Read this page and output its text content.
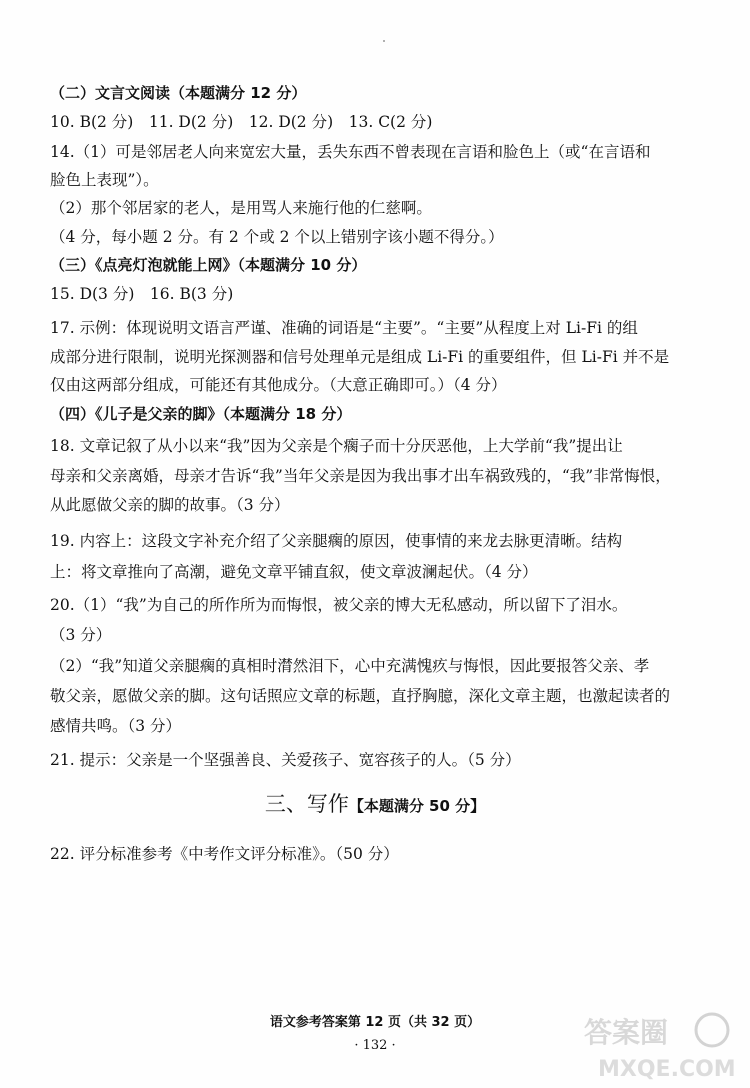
（二）文言文阅读（本题满分 12 分）
10. B(2 分)　11. D(2 分)　12. D(2 分)　13. C(2 分)
14.（1）可是邻居老人向来宽宏大量，丢失东西不曾表现在言语和脸色上（或“在言语和
脸色上表现”）。
（2）那个邻居家的老人，是用骂人来施行他的仁慈啊。
（4 分，每小题 2 分。有 2 个或 2 个以上错别字该小题不得分。）
（三）《点亮灯泡就能上网》（本题满分 10 分）
15. D(3 分)　16. B(3 分)
17. 示例：体现说明文语言严谨、准确的词语是“主要”。“主要”从程度上对 Li-Fi 的组
成部分进行限制，说明光探测器和信号处理单元是组成 Li-Fi 的重要组件，但 Li-Fi 并不是
仅由这两部分组成，可能还有其他成分。（大意正确即可。）（4 分）
（四）《儿子是父亲的脚》（本题满分 18 分）
18. 文章记叙了从小以来“我”因为父亲是个瘸子而十分厌恶他，上大学前“我”提出让
母亲和父亲离婚，母亲才告诉“我”当年父亲是因为我出事才出车祸致残的，“我”非常悔恨，
从此愿做父亲的脚的故事。（3 分）
19. 内容上：这段文字补充介绍了父亲腿瘸的原因，使事情的来龙去脉更清晰。结构
上：将文章推向了高潮，避免文章平铺直叙，使文章波澜起伏。（4 分）
20.（1）“我”为自己的所作所为而悔恨，被父亲的博大无私感动，所以留下了泪水。
（3 分）
（2）“我”知道父亲腿瘸的真相时潸然泪下，心中充满愧疚与悔恨，因此要报答父亲、孝
敬父亲，愿做父亲的脚。这句话照应文章的标题，直抒胸臆，深化文章主题，也激起读者的
感情共鸣。（3 分）
21. 提示：父亲是一个坚强善良、关爱孩子、宽容孩子的人。（5 分）
三、写作【本题满分 50 分】
22. 评分标准参考《中考作文评分标准》。（50 分）
语文参考答案第 12 页（共 32 页）
· 132 ·	答案圈
MXQE.COM
